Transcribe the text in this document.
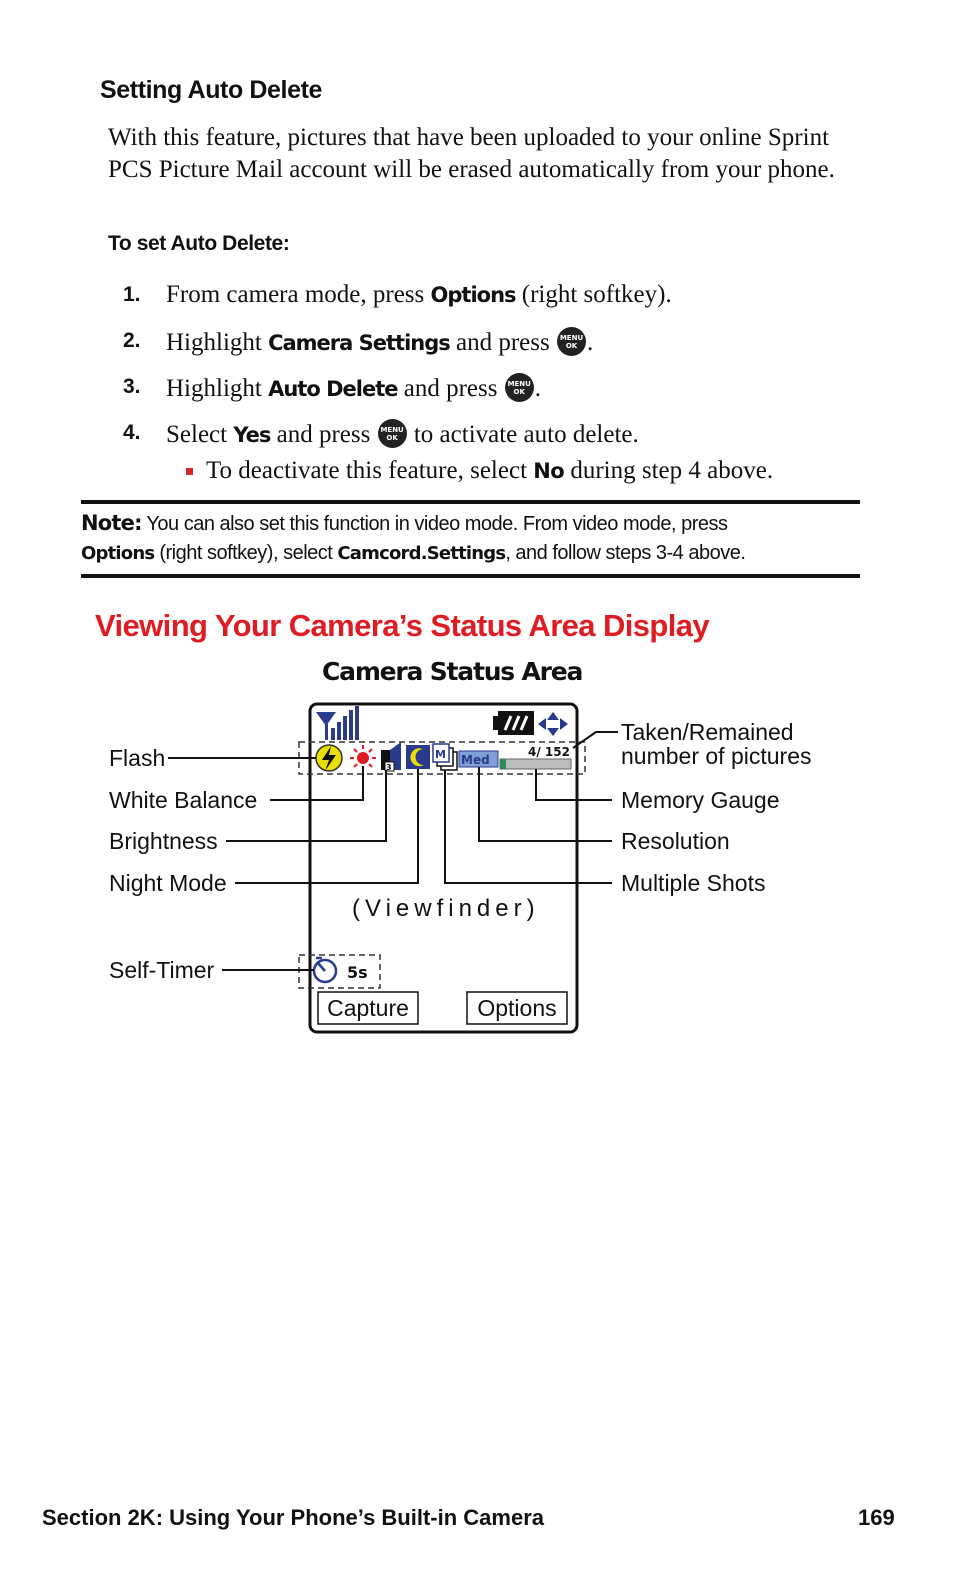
Setting Auto Delete
With this feature, pictures that have been uploaded to your online Sprint PCS Picture Mail account will be erased automatically from your phone.
To set Auto Delete:
1. From camera mode, press Options (right softkey).
2. Highlight Camera Settings and press MENU
OK .
3. Highlight Auto Delete and press MENU
OK .
4. Select Yes and press MENU
OK to activate auto delete.
To deactivate this feature, select No during step 4 above.
Note: You can also set this function in video mode. From video mode, press
Options (right softkey), select Camcord.Settings, and follow steps 3-4 above.
Viewing Your Camera’s Status Area Display
Camera Status Area
3
M	4/ 152
Med
5s
Flash
White Balance
Brightness
Night Mode
Self-Timer
Taken/Remained
number of pictures
Memory Gauge
Resolution
Multiple Shots
(Viewfinder)
Capture	Options
Section 2K: Using Your Phone’s Built-in Camera	169
